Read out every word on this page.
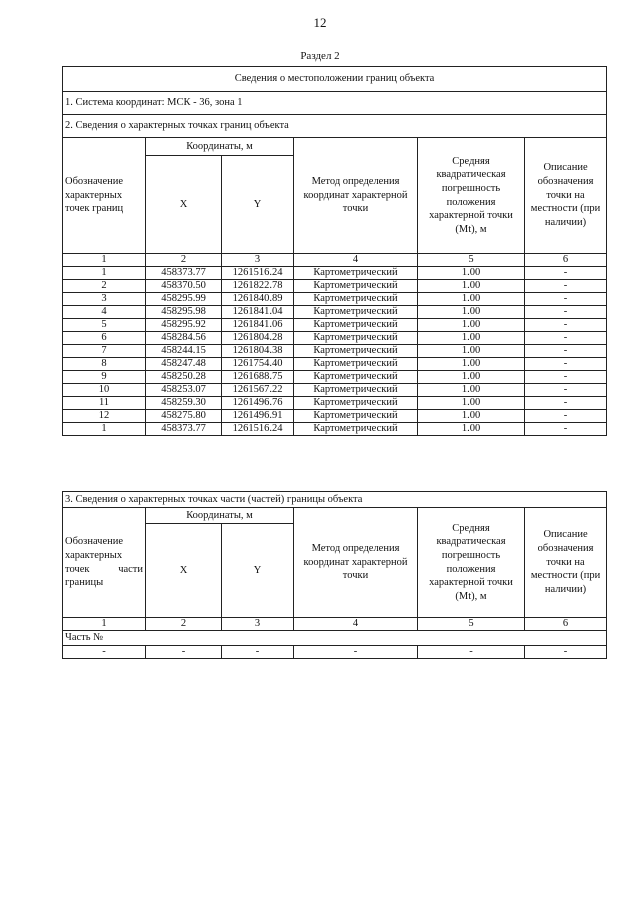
12
Раздел 2
Сведения о местоположении границ объекта					
1. Система координат: МСК - 36, зона 1					
2. Сведения о характерных точках границ объекта					
Обозначение характерных точек границ	Координаты, м		Метод определения координат характерной точки	Средняя квадратическая погрешность положения характерной точки (Mt), м	Описание обозначения точки на местности (при наличии)
	X	Y			
1	2	3	4	5	6
1	458373.77	1261516.24	Картометрический	1.00	-
2	458370.50	1261822.78	Картометрический	1.00	-
3	458295.99	1261840.89	Картометрический	1.00	-
4	458295.98	1261841.04	Картометрический	1.00	-
5	458295.92	1261841.06	Картометрический	1.00	-
6	458284.56	1261804.28	Картометрический	1.00	-
7	458244.15	1261804.38	Картометрический	1.00	-
8	458247.48	1261754.40	Картометрический	1.00	-
9	458250.28	1261688.75	Картометрический	1.00	-
10	458253.07	1261567.22	Картометрический	1.00	-
11	458259.30	1261496.76	Картометрический	1.00	-
12	458275.80	1261496.91	Картометрический	1.00	-
1	458373.77	1261516.24	Картометрический	1.00	-
3. Сведения о характерных точках части (частей) границы объекта					
Обозначение характерных точек части границы	Координаты, м		Метод определения координат характерной точки	Средняя квадратическая погрешность положения характерной точки (Mt), м	Описание обозначения точки на местности (при наличии)
	X	Y			
1	2	3	4	5	6
Часть №					
-	-	-	-	-	-
